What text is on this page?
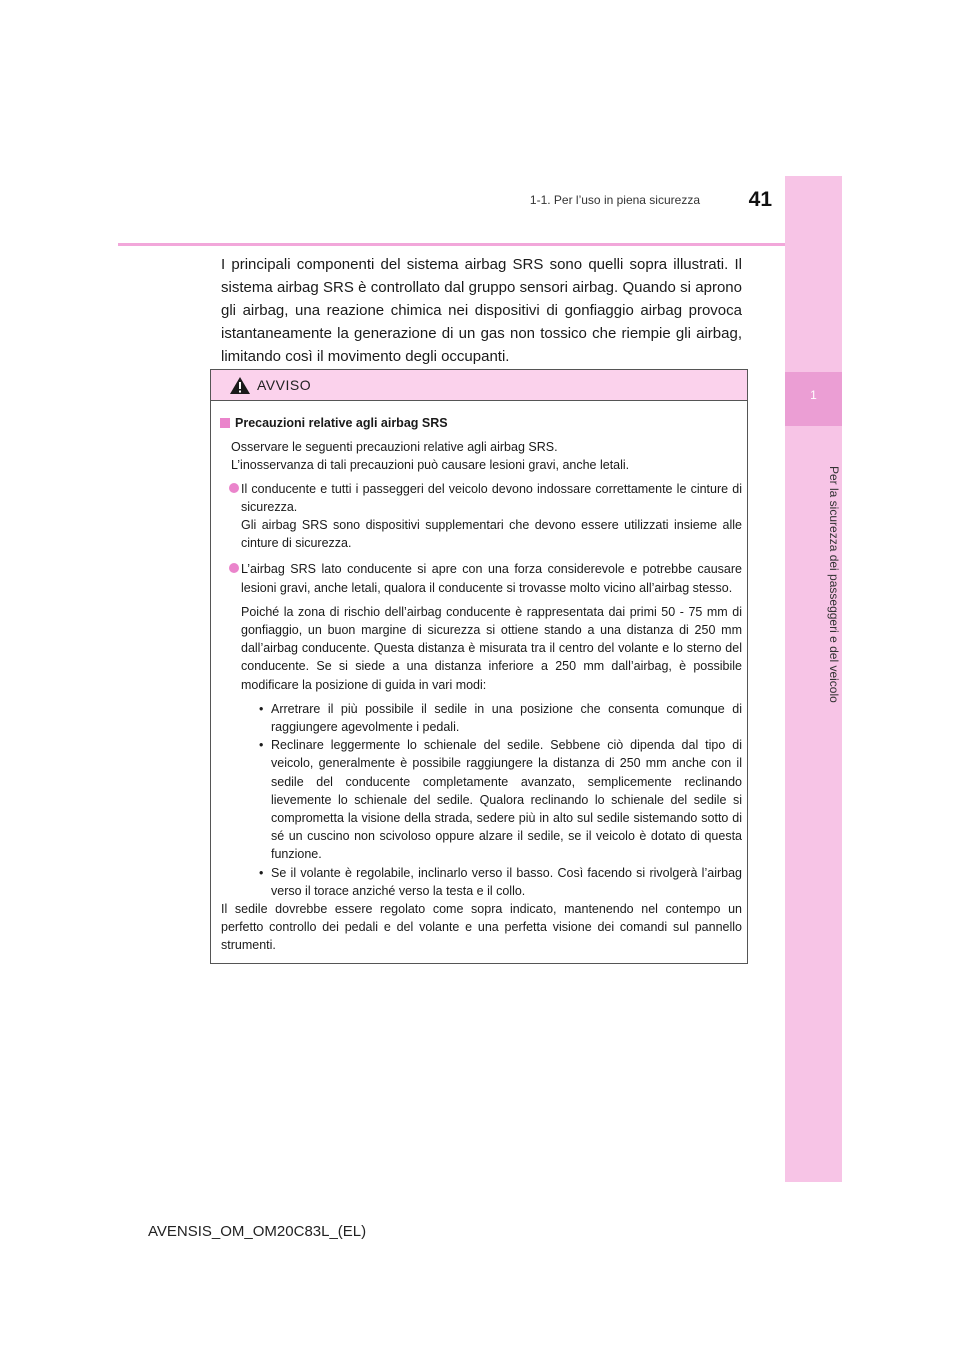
1
Per la sicurezza dei passeggeri e del veicolo
1-1. Per l’uso in piena sicurezza	41

I principali componenti del sistema airbag SRS sono quelli sopra illustrati. Il sistema airbag SRS è controllato dal gruppo sensori airbag. Quando si aprono gli airbag, una reazione chimica nei dispositivi di gonfiaggio airbag provoca istantaneamente la generazione di un gas non tossico che riempie gli airbag, limitando così il movimento degli occupanti.

AVVISO

Precauzioni relative agli airbag SRS

Osservare le seguenti precauzioni relative agli airbag SRS.

L’inosservanza di tali precauzioni può causare lesioni gravi, anche letali.

Il conducente e tutti i passeggeri del veicolo devono indossare correttamente le cinture di sicurezza.

Gli airbag SRS sono dispositivi supplementari che devono essere utilizzati insieme alle cinture di sicurezza.

L’airbag SRS lato conducente si apre con una forza considerevole e potrebbe causare lesioni gravi, anche letali, qualora il conducente si trovasse molto vicino all’airbag stesso.

Poiché la zona di rischio dell’airbag conducente è rappresentata dai primi 50 - 75 mm di gonfiaggio, un buon margine di sicurezza si ottiene stando a una distanza di 250 mm dall’airbag conducente. Questa distanza è misurata tra il centro del volante e lo sterno del conducente. Se si siede a una distanza inferiore a 250 mm dall’airbag, è possibile modificare la posizione di guida in vari modi:

• Arretrare il più possibile il sedile in una posizione che consenta comunque di raggiungere agevolmente i pedali.

• Reclinare leggermente lo schienale del sedile. Sebbene ciò dipenda dal tipo di veicolo, generalmente è possibile raggiungere la distanza di 250 mm anche con il sedile del conducente completamente avanzato, semplicemente reclinando lievemente lo schienale del sedile. Qualora reclinando lo schienale del sedile si comprometta la visione della strada, sedere più in alto sul sedile sistemando sotto di sé un cuscino non scivoloso oppure alzare il sedile, se il veicolo è dotato di questa funzione.

• Se il volante è regolabile, inclinarlo verso il basso. Così facendo si rivolgerà l’airbag verso il torace anziché verso la testa e il collo.

Il sedile dovrebbe essere regolato come sopra indicato, mantenendo nel contempo un perfetto controllo dei pedali e del volante e una perfetta visione dei comandi sul pannello strumenti.

AVENSIS_OM_OM20C83L_(EL)
